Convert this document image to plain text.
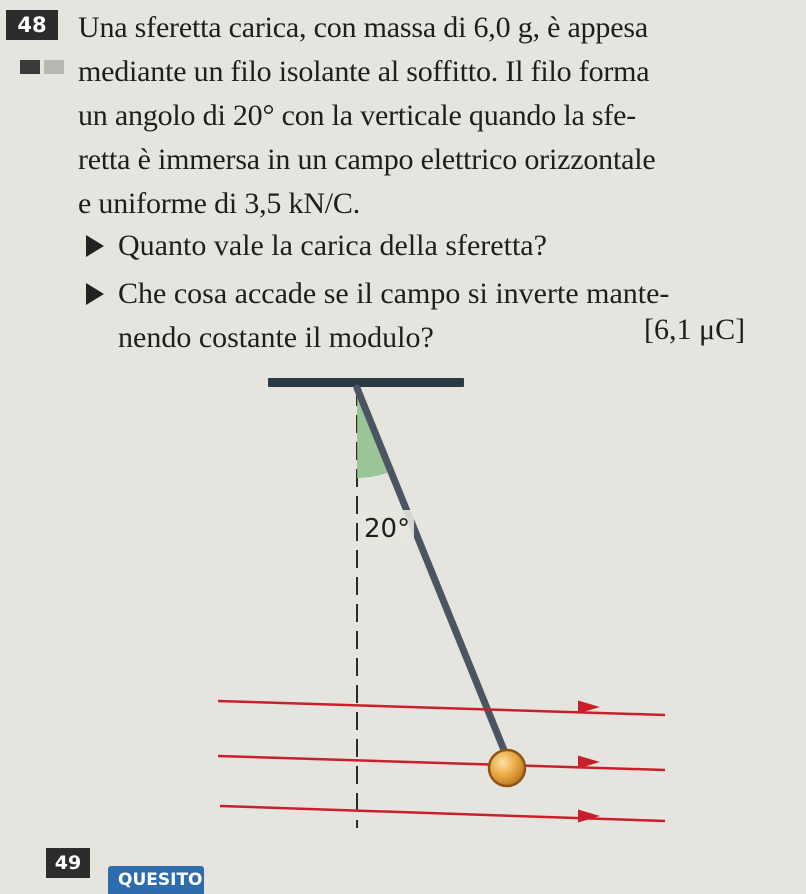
48	Una sferetta carica, con massa di 6,0 g, è appesa
mediante un filo isolante al soffitto. Il filo forma
un angolo di 20° con la verticale quando la sfe-
retta è immersa in un campo elettrico orizzontale
e uniforme di 3,5 kN/C.

Quanto vale la carica della sferetta?
Che cosa accade se il campo si inverte mante-
nendo costante il modulo?	[6,1 μC]
20°
49
QUESITO
